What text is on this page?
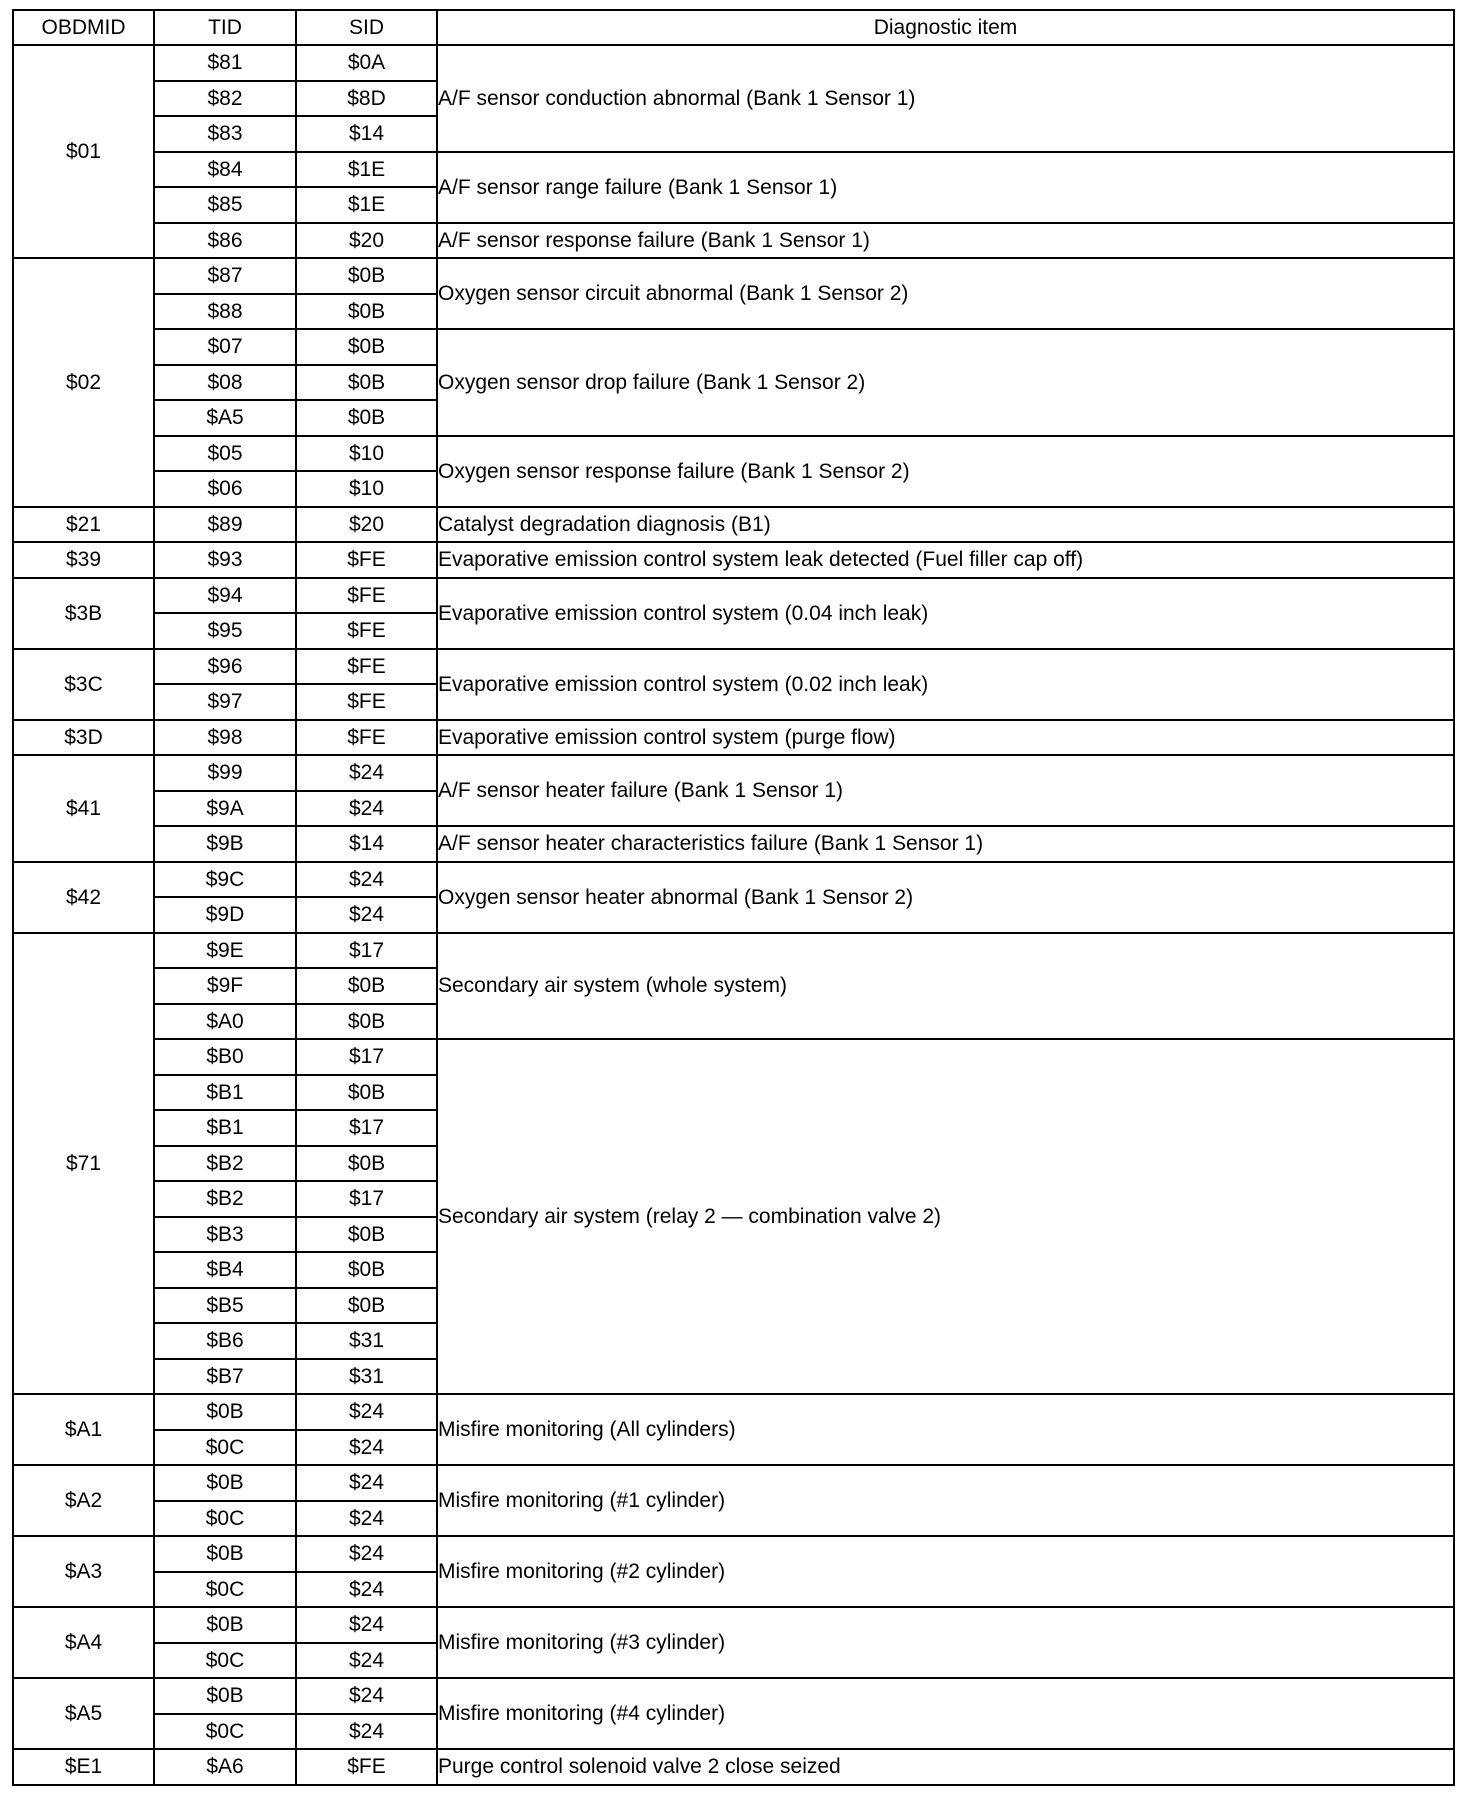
OBDMID	TID	SID	Diagnostic item
$01	$81	$0A	A/F sensor conduction abnormal (Bank 1 Sensor 1)
	$82	$8D	
	$83	$14	
	$84	$1E	A/F sensor range failure (Bank 1 Sensor 1)
	$85	$1E	
	$86	$20	A/F sensor response failure (Bank 1 Sensor 1)
$02	$87	$0B	Oxygen sensor circuit abnormal (Bank 1 Sensor 2)
	$88	$0B	
	$07	$0B	Oxygen sensor drop failure (Bank 1 Sensor 2)
	$08	$0B	
	$A5	$0B	
	$05	$10	Oxygen sensor response failure (Bank 1 Sensor 2)
	$06	$10	
$21	$89	$20	Catalyst degradation diagnosis (B1)
$39	$93	$FE	Evaporative emission control system leak detected (Fuel filler cap off)
$3B	$94	$FE	Evaporative emission control system (0.04 inch leak)
	$95	$FE	
$3C	$96	$FE	Evaporative emission control system (0.02 inch leak)
	$97	$FE	
$3D	$98	$FE	Evaporative emission control system (purge flow)
$41	$99	$24	A/F sensor heater failure (Bank 1 Sensor 1)
	$9A	$24	
	$9B	$14	A/F sensor heater characteristics failure (Bank 1 Sensor 1)
$42	$9C	$24	Oxygen sensor heater abnormal (Bank 1 Sensor 2)
	$9D	$24	
$71	$9E	$17	Secondary air system (whole system)
	$9F	$0B	
	$A0	$0B	
	$B0	$17	Secondary air system (relay 2 — combination valve 2)
	$B1	$0B	
	$B1	$17	
	$B2	$0B	
	$B2	$17	
	$B3	$0B	
	$B4	$0B	
	$B5	$0B	
	$B6	$31	
	$B7	$31	
$A1	$0B	$24	Misfire monitoring (All cylinders)
	$0C	$24	
$A2	$0B	$24	Misfire monitoring (#1 cylinder)
	$0C	$24	
$A3	$0B	$24	Misfire monitoring (#2 cylinder)
	$0C	$24	
$A4	$0B	$24	Misfire monitoring (#3 cylinder)
	$0C	$24	
$A5	$0B	$24	Misfire monitoring (#4 cylinder)
	$0C	$24	
$E1	$A6	$FE	Purge control solenoid valve 2 close seized
